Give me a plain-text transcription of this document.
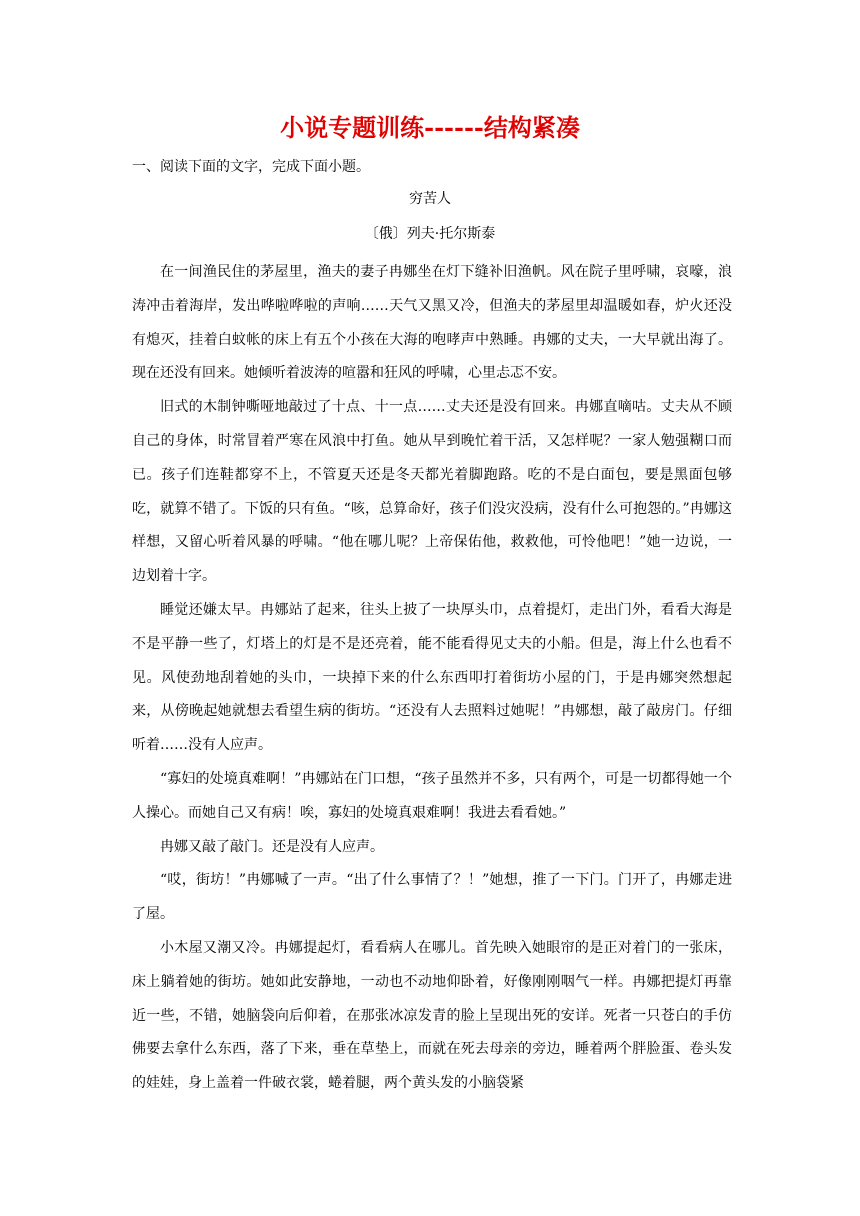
小说专题训练------结构紧凑

一、阅读下面的文字，完成下面小题。

穷苦人

〔俄〕列夫·托尔斯泰

在一间渔民住的茅屋里，渔夫的妻子冉娜坐在灯下缝补旧渔帆。风在院子里呼啸，哀嚎，浪涛冲击着海岸，发出哗啦哗啦的声响……天气又黑又冷，但渔夫的茅屋里却温暖如春，炉火还没有熄灭，挂着白蚊帐的床上有五个小孩在大海的咆哮声中熟睡。冉娜的丈夫，一大早就出海了。现在还没有回来。她倾听着波涛的喧嚣和狂风的呼啸，心里忐忑不安。

旧式的木制钟嘶哑地敲过了十点、十一点……丈夫还是没有回来。冉娜直嘀咕。丈夫从不顾自己的身体，时常冒着严寒在风浪中打鱼。她从早到晚忙着干活，又怎样呢？一家人勉强糊口而已。孩子们连鞋都穿不上，不管夏天还是冬天都光着脚跑路。吃的不是白面包，要是黑面包够吃，就算不错了。下饭的只有鱼。“咳，总算命好，孩子们没灾没病，没有什么可抱怨的。”冉娜这样想，又留心听着风暴的呼啸。“他在哪儿呢？上帝保佑他，救救他，可怜他吧！”她一边说，一边划着十字。

睡觉还嫌太早。冉娜站了起来，往头上披了一块厚头巾，点着提灯，走出门外，看看大海是不是平静一些了，灯塔上的灯是不是还亮着，能不能看得见丈夫的小船。但是，海上什么也看不见。风使劲地刮着她的头巾，一块掉下来的什么东西叩打着街坊小屋的门，于是冉娜突然想起来，从傍晚起她就想去看望生病的街坊。“还没有人去照料过她呢！”冉娜想，敲了敲房门。仔细听着……没有人应声。

“寡妇的处境真难啊！”冉娜站在门口想，“孩子虽然并不多，只有两个，可是一切都得她一个人操心。而她自己又有病！唉，寡妇的处境真艰难啊！我进去看看她。”

冉娜又敲了敲门。还是没有人应声。

“哎，街坊！”冉娜喊了一声。“出了什么事情了？！”她想，推了一下门。门开了，冉娜走进了屋。

小木屋又潮又冷。冉娜提起灯，看看病人在哪儿。首先映入她眼帘的是正对着门的一张床，床上躺着她的街坊。她如此安静地，一动也不动地仰卧着，好像刚刚咽气一样。冉娜把提灯再靠近一些，不错，她脑袋向后仰着，在那张冰凉发青的脸上呈现出死的安详。死者一只苍白的手仿佛要去拿什么东西，落了下来，垂在草垫上，而就在死去母亲的旁边，睡着两个胖脸蛋、卷头发的娃娃，身上盖着一件破衣裳，蜷着腿，两个黄头发的小脑袋紧
